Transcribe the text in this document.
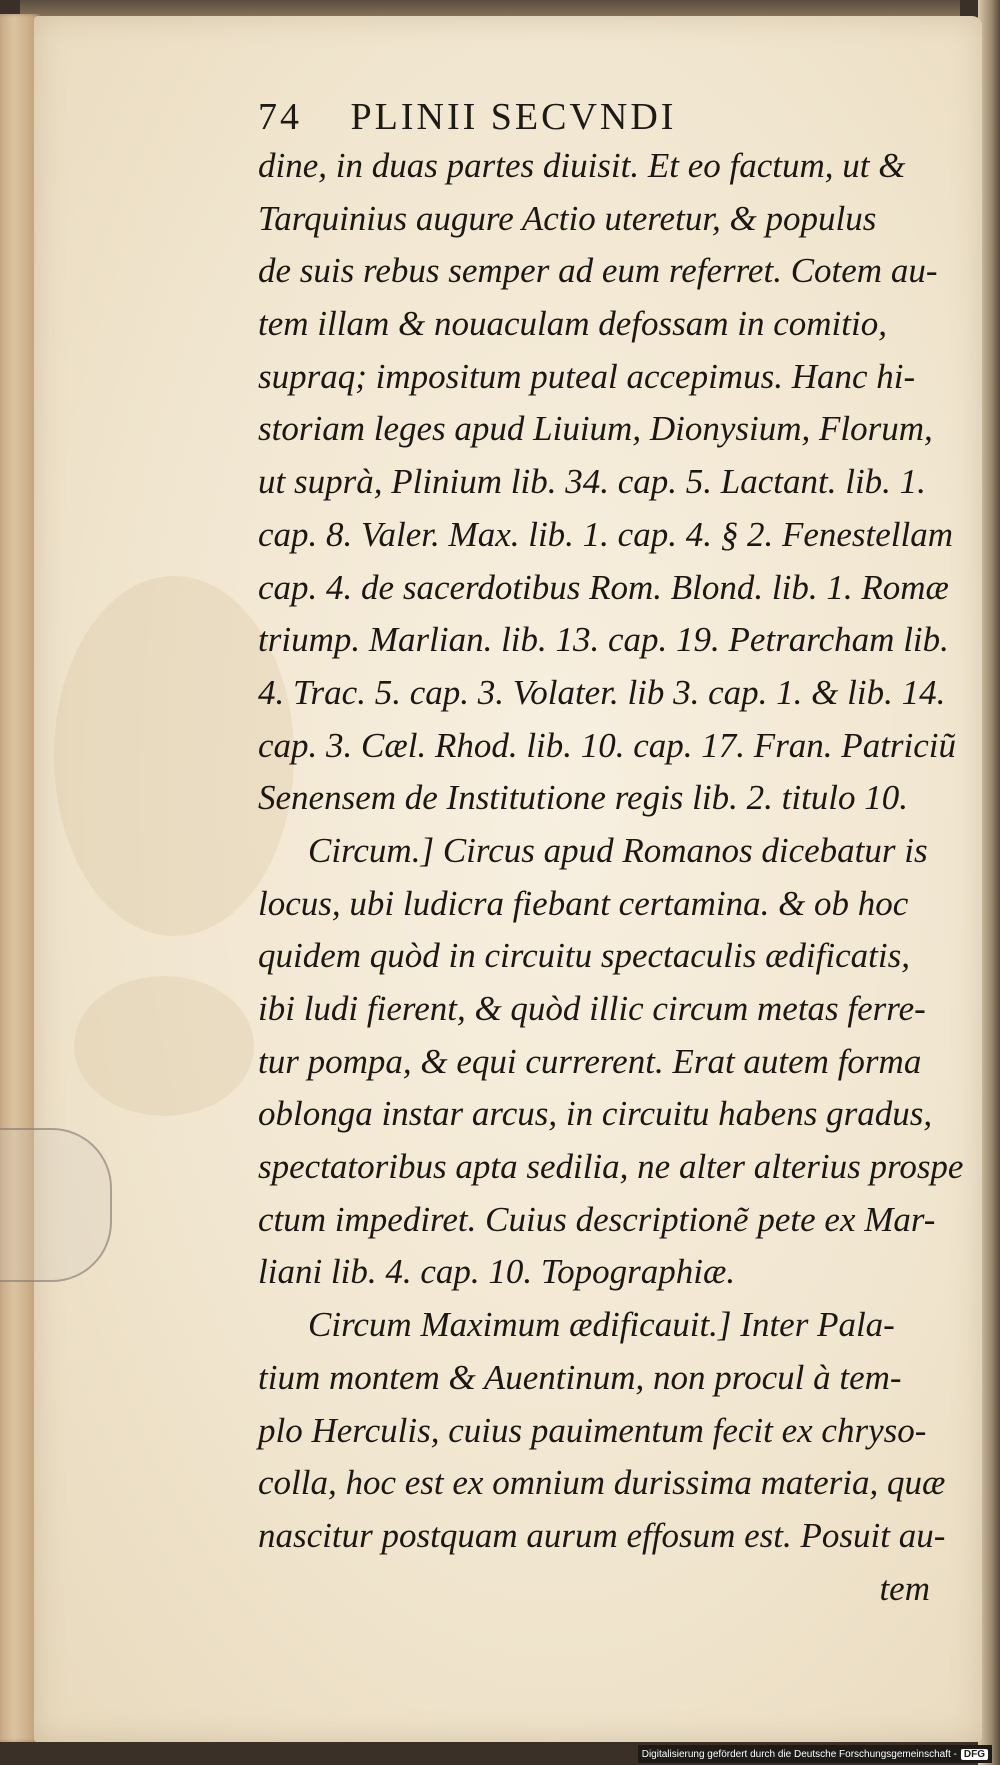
74 PLINII SECVNDI
dine, in duas partes diuisit. Et eo factum, ut &
Tarquinius augure Actio uteretur, & populus
de suis rebus semper ad eum referret. Cotem au-
tem illam & nouaculam defossam in comitio,
supraq; impositum puteal accepimus. Hanc hi-
storiam leges apud Liuium, Dionysium, Florum,
ut suprà, Plinium lib. 34. cap. 5. Lactant. lib. 1.
cap. 8. Valer. Max. lib. 1. cap. 4. § 2. Fenestellam
cap. 4. de sacerdotibus Rom. Blond. lib. 1. Romæ
triump. Marlian. lib. 13. cap. 19. Petrarcham lib.
4. Trac. 5. cap. 3. Volater. lib 3. cap. 1. & lib. 14.
cap. 3. Cæl. Rhod. lib. 10. cap. 17. Fran. Patriciũ
Senensem de Institutione regis lib. 2. titulo 10.
Circum.] Circus apud Romanos dicebatur is
locus, ubi ludicra fiebant certamina. & ob hoc
quidem quòd in circuitu spectaculis ædificatis,
ibi ludi fierent, & quòd illic circum metas ferre-
tur pompa, & equi currerent. Erat autem forma
oblonga instar arcus, in circuitu habens gradus,
spectatoribus apta sedilia, ne alter alterius prospe
ctum impediret. Cuius descriptionẽ pete ex Mar-
liani lib. 4. cap. 10. Topographiæ.
Circum Maximum ædificauit.] Inter Pala-
tium montem & Auentinum, non procul à tem-
plo Herculis, cuius pauimentum fecit ex chryso-
colla, hoc est ex omnium durissima materia, quæ
nascitur postquam aurum effosum est. Posuit au-
tem
Digitalisierung gefördert durch die Deutsche Forschungsgemeinschaft - DFG
